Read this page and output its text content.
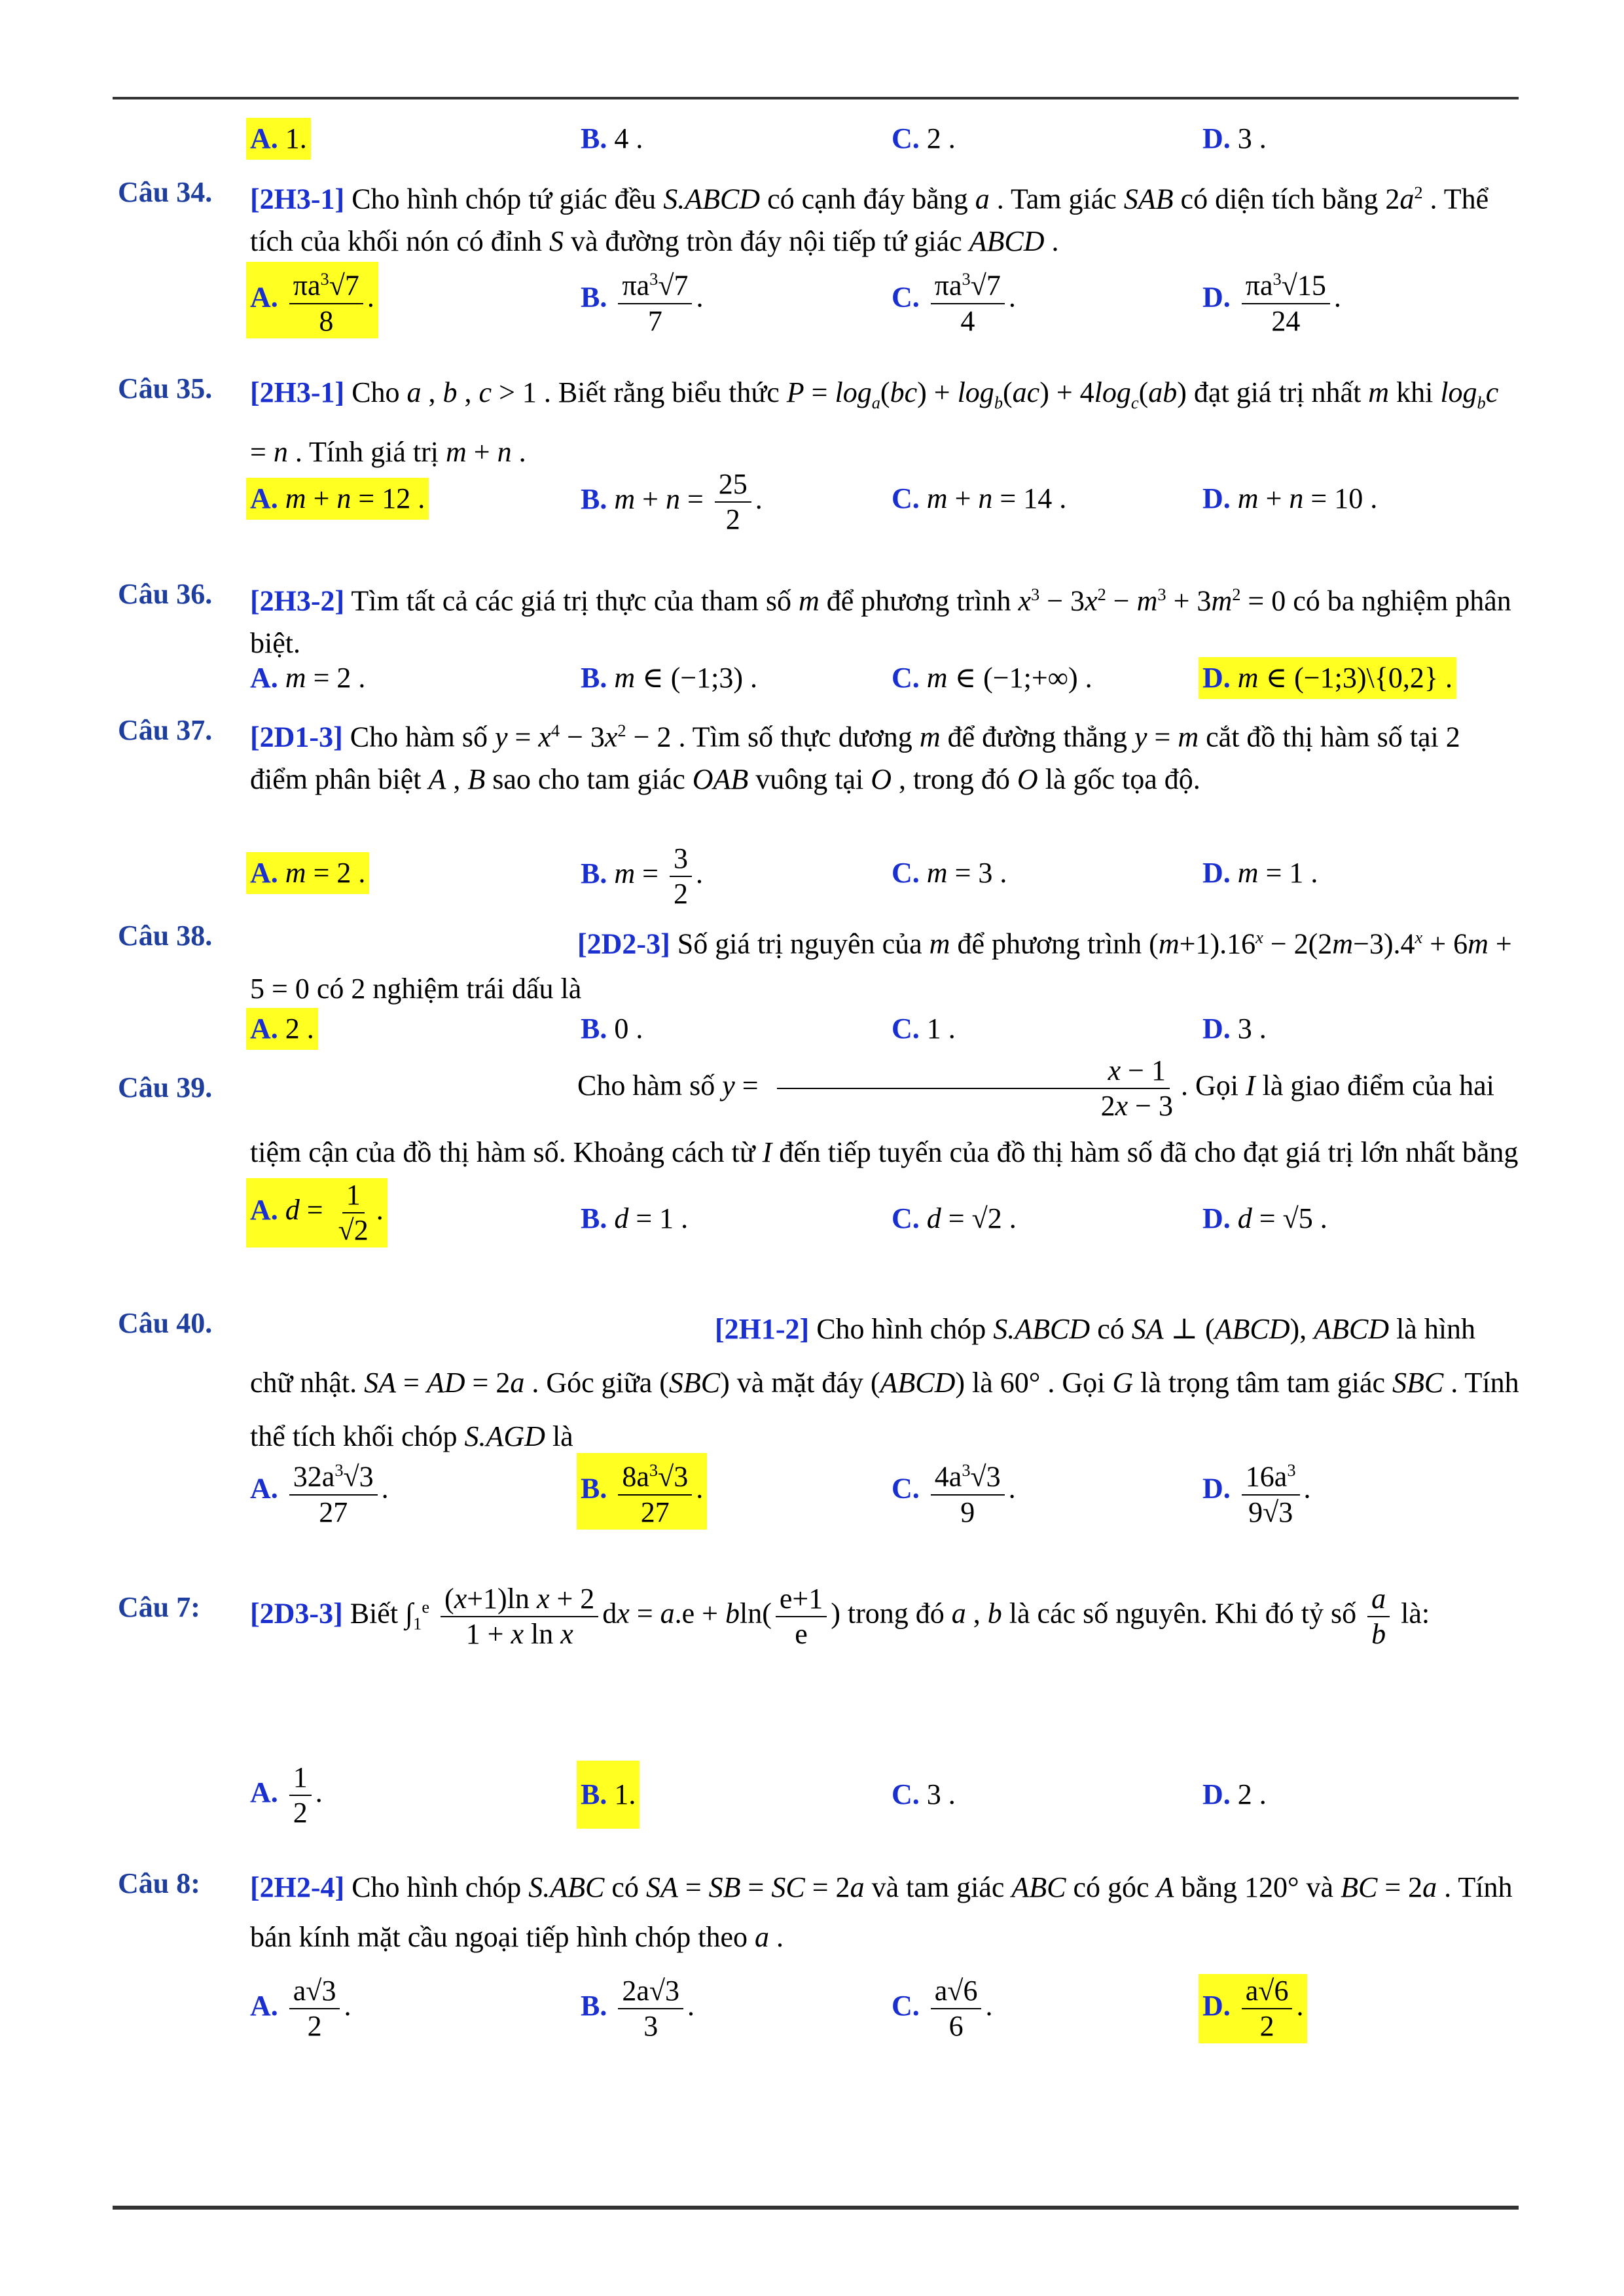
A. 1.	B. 4 .	C. 2 .	D. 3 .
Câu 34. [2H3-1] Cho hình chóp tứ giác đều S.ABCD có cạnh đáy bằng a . Tam giác SAB có diện tích bằng $2a^2$ . Thể tích của khối nón có đỉnh S và đường tròn đáy nội tiếp tứ giác ABCD .
A. $\frac{\pi a^3√7}{8}$ .	B. $\frac{\pi a^3√7}{7}$ .	C. $\frac{\pi a^3√7}{4}$ .	D. $\frac{\pi a^3√15}{24}$ .
Câu 35. [2H3-1] Cho a , b , c > 1 . Biết rằng biểu thức $P = \log_a(bc) + \log_b(ac) + 4\log_c(ab)$ đạt giá trị nhất m khi $\log_bc = n$ . Tính giá trị m + n .
A. m + n = 12 .	B. $m + n = \frac{25}{2}$ .	C. m + n = 14 .	D. m + n = 10 .
Câu 36. [2H3-2] Tìm tất cả các giá trị thực của tham số m để phương trình $x^3 - 3x^2 - m^3 + 3m^2 = 0$ có ba nghiệm phân biệt.
A. m = 2 .	B. m ∈ (−1;3) .	C. m ∈ (−1;+∞) .	D. m ∈ (−1;3)\{0,2} .
Câu 37. [2D1-3] Cho hàm số $y = x^4 - 3x^2 - 2$ . Tìm số thực dương m để đường thẳng y = m cắt đồ thị hàm số tại 2 điểm phân biệt A , B sao cho tam giác OAB vuông tại O , trong đó O là gốc tọa độ.
A. m = 2 .	B. $m = \frac{3}{2}$ .	C. m = 3 .	D. m = 1 .
Câu 38.	[2D2-3] Số giá trị nguyên của m để phương trình $(m+1).16^x - 2(2m-3).4^x + 6m + 5 = 0$ có 2 nghiệm trái dấu là
A. 2 .	B. 0 .	C. 1 .	D. 3 .
Câu 39.	Cho hàm số $y = \frac{x - 1}{2x - 3}$ . Gọi I là giao điểm của hai tiệm cận của đồ thị hàm số. Khoảng cách từ I đến tiếp tuyến của đồ thị hàm số đã cho đạt giá trị lớn nhất bằng
A. $d = \frac{1}{√2}$ .	B. d = 1 .	C. d = √2 .	D. d = √5 .
Câu 40.	[2H1-2] Cho hình chóp S.ABCD có SA ⊥ (ABCD), ABCD là hình chữ nhật. SA = AD = 2a . Góc giữa (SBC) và mặt đáy (ABCD) là 60° . Gọi G là trọng tâm tam giác SBC . Tính thể tích khối chóp S.AGD là
A. $\frac{32a^3√3}{27}$ .	B. $\frac{8a^3√3}{27}$ .	C. $\frac{4a^3√3}{9}$ .	D. $\frac{16a^3}{9√3}$ .
Câu 7: [2D3-3] Biết $\int_1^e \frac{\text{(x+1)ln x + 2}}{\text{1 + x ln x}}$ dx = $a.e + bln( \frac{e+1}{e}$ ) trong đó a , b là các số nguyên. Khi đó tỷ số $\frac{a}{b}$ là:
A. $\frac{1}{2}$ .	B. 1.	C. 3 .	D. 2 .
Câu 8: [2H2-4] Cho hình chóp S.ABC có SA = SB = SC = 2a và tam giác ABC có góc A bằng 120° và BC = 2a . Tính bán kính mặt cầu ngoại tiếp hình chóp theo a .
A. $\frac{a√3}{2}$ .	B. $\frac{2a√3}{3}$ .	C. $\frac{a√6}{6}$ .	D. $\frac{a√6}{2}$ .
